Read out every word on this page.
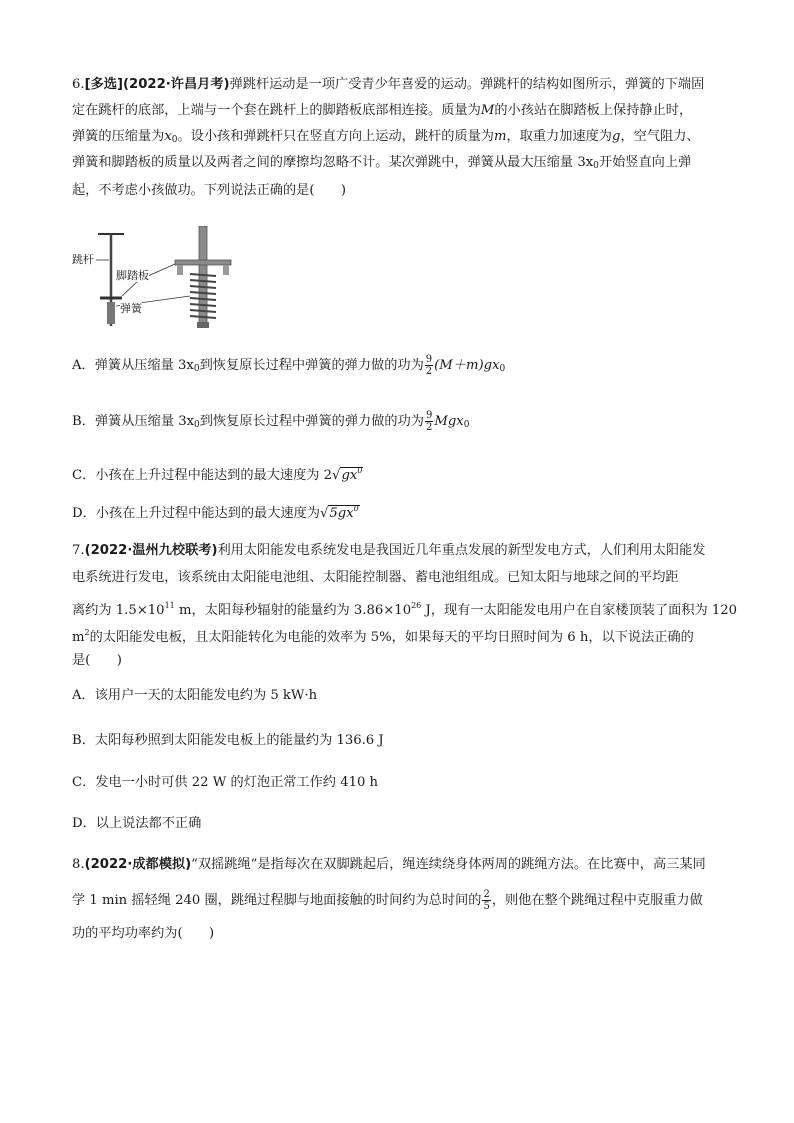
6.[多选](2022·许昌月考)弹跳杆运动是一项广受青少年喜爱的运动。弹跳杆的结构如图所示，弹簧的下端固
定在跳杆的底部，上端与一个套在跳杆上的脚踏板底部相连接。质量为M的小孩站在脚踏板上保持静止时，
弹簧的压缩量为$x_0$。设小孩和弹跳杆只在竖直方向上运动，跳杆的质量为m，取重力加速度为g，空气阻力、
弹簧和脚踏板的质量以及两者之间的摩擦均忽略不计。某次弹跳中，弹簧从最大压缩量 $3x_0$开始竖直向上弹
起，不考虑小孩做功。下列说法正确的是(　　)
跳杆
脚踏板
弹簧
A．弹簧从压缩量 $3x_0$到恢复原长过程中弹簧的弹力做的功为 $\frac{9}{2} (M+m)gx_0$
B．弹簧从压缩量 $3x_0$到恢复原长过程中弹簧的弹力做的功为 $\frac{9}{2} Mgx_0$
C．小孩在上升过程中能达到的最大速度为 $2√gx^0$
D．小孩在上升过程中能达到的最大速度为$√5gx^0$
7.(2022·温州九校联考)利用太阳能发电系统发电是我国近几年重点发展的新型发电方式，人们利用太阳能发
电系统进行发电，该系统由太阳能电池组、太阳能控制器、蓄电池组组成。已知太阳与地球之间的平均距
离约为 $1.5\times 10^{11}$ m，太阳每秒辐射的能量约为 $3.86\times 10^{26}$ J，现有一太阳能发电用户在自家楼顶装了面积为 120
$m^2$的太阳能发电板，且太阳能转化为电能的效率为 5%，如果每天的平均日照时间为 6 h，以下说法正确的
是(　　)
A．该用户一天的太阳能发电约为 5 kW·h
B．太阳每秒照到太阳能发电板上的能量约为 136.6 J
C．发电一小时可供 22 W 的灯泡正常工作约 410 h
D．以上说法都不正确
8.(2022·成都模拟)“双摇跳绳”是指每次在双脚跳起后，绳连续绕身体两周的跳绳方法。在比赛中，高三某同
学 1 min 摇轻绳 240 圈，跳绳过程脚与地面接触的时间约为总时间的 $\frac{2}{5}$ ，则他在整个跳绳过程中克服重力做
功的平均功率约为(　　)
